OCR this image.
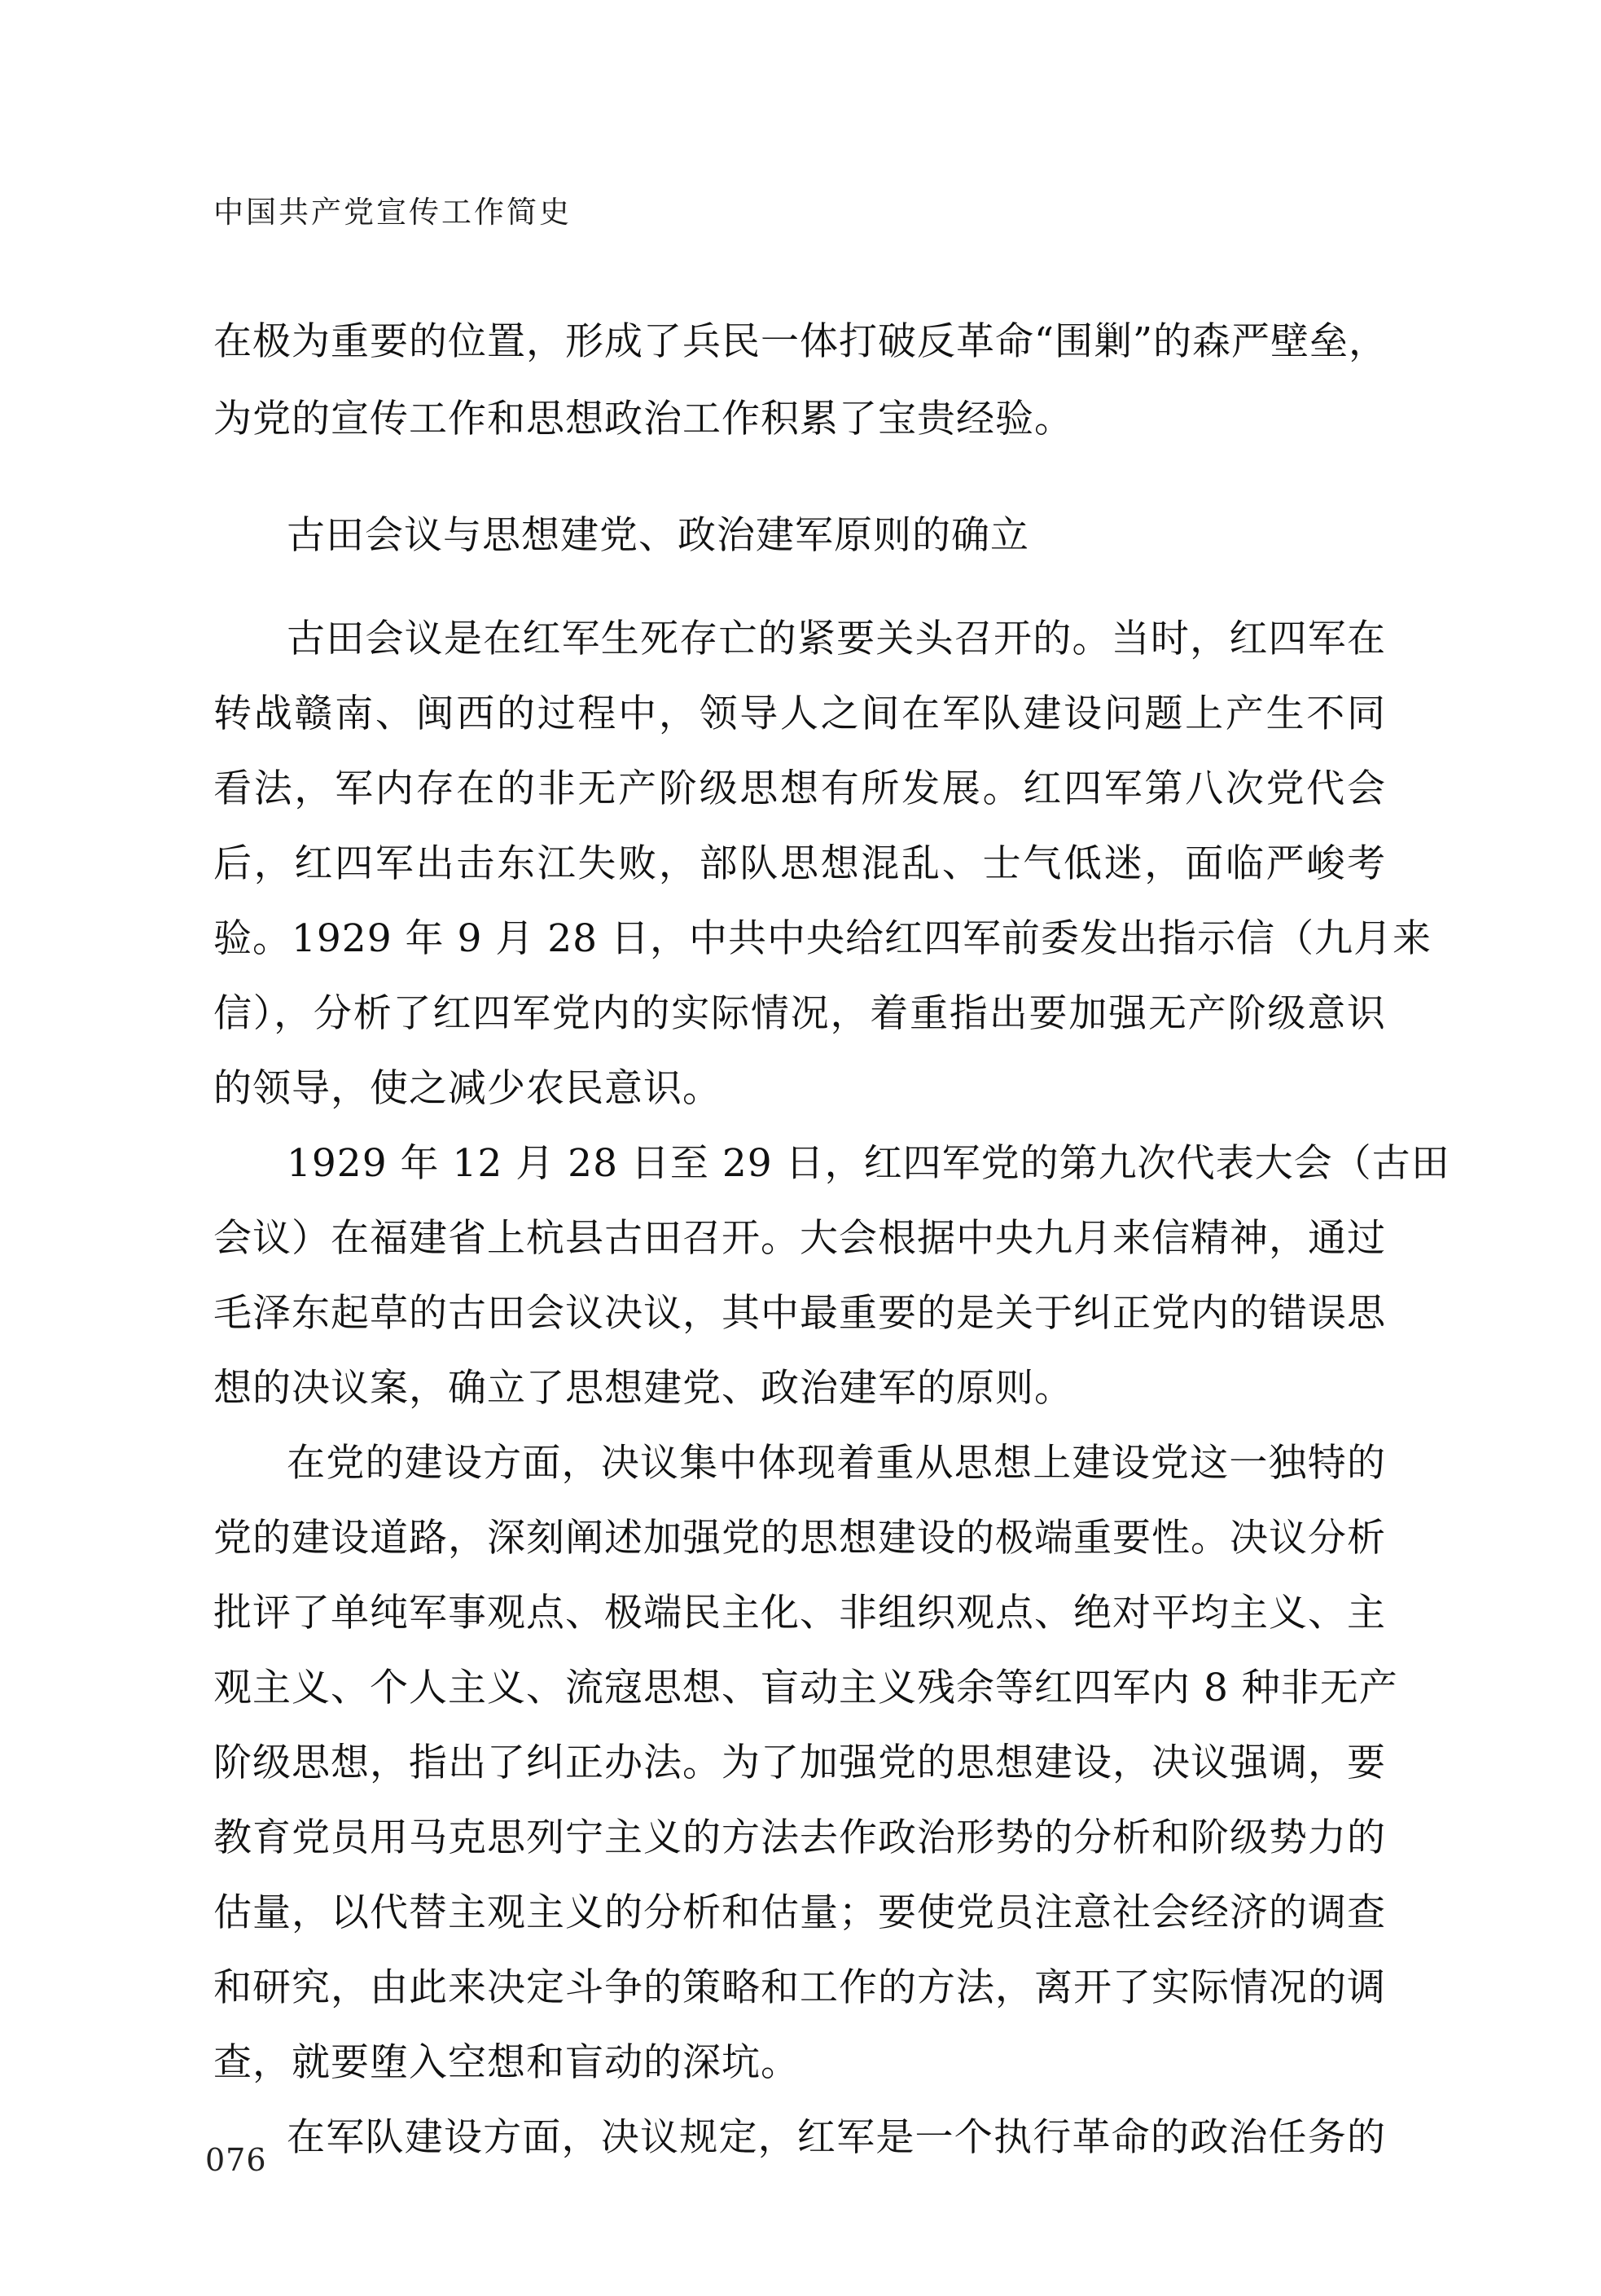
中国共产党宣传工作简史
在极为重要的位置，形成了兵民一体打破反革命“围剿”的森严壁垒，
为党的宣传工作和思想政治工作积累了宝贵经验。
古田会议与思想建党、政治建军原则的确立
古田会议是在红军生死存亡的紧要关头召开的。当时，红四军在
转战赣南、闽西的过程中，领导人之间在军队建设问题上产生不同
看法，军内存在的非无产阶级思想有所发展。红四军第八次党代会
后，红四军出击东江失败，部队思想混乱、士气低迷，面临严峻考
验。1929 年 9 月 28 日，中共中央给红四军前委发出指示信（九月来
信），分析了红四军党内的实际情况，着重指出要加强无产阶级意识
的领导，使之减少农民意识。
1929 年 12 月 28 日至 29 日，红四军党的第九次代表大会（古田
会议）在福建省上杭县古田召开。大会根据中央九月来信精神，通过
毛泽东起草的古田会议决议，其中最重要的是关于纠正党内的错误思
想的决议案，确立了思想建党、政治建军的原则。
在党的建设方面，决议集中体现着重从思想上建设党这一独特的
党的建设道路，深刻阐述加强党的思想建设的极端重要性。决议分析
批评了单纯军事观点、极端民主化、非组织观点、绝对平均主义、主
观主义、个人主义、流寇思想、盲动主义残余等红四军内 8 种非无产
阶级思想，指出了纠正办法。为了加强党的思想建设，决议强调，要
教育党员用马克思列宁主义的方法去作政治形势的分析和阶级势力的
估量，以代替主观主义的分析和估量；要使党员注意社会经济的调查
和研究，由此来决定斗争的策略和工作的方法，离开了实际情况的调
查，就要堕入空想和盲动的深坑。
在军队建设方面，决议规定，红军是一个执行革命的政治任务的
076
